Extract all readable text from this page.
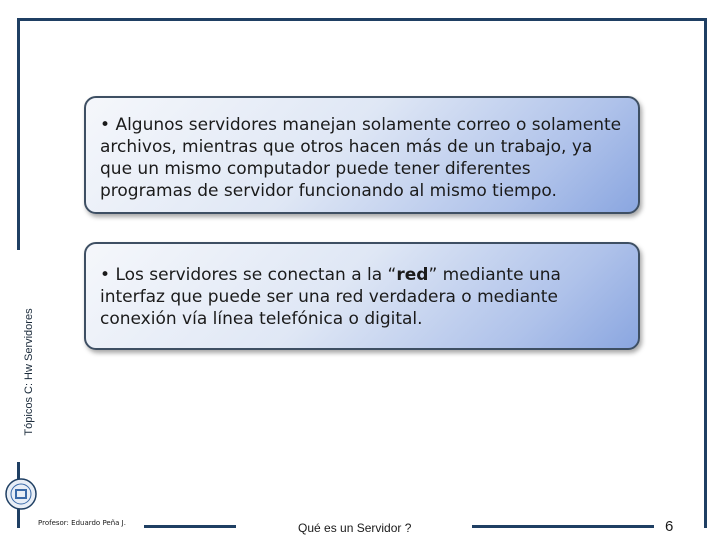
Tópicos C: Hw Servidores

• Algunos servidores manejan solamente correo o solamente archivos, mientras que otros hacen más de un trabajo, ya que un mismo computador puede tener diferentes programas de servidor funcionando al mismo tiempo.

• Los servidores se conectan a la “red” mediante una interfaz que puede ser una red verdadera o mediante conexión vía línea telefónica o digital.

Profesor: Eduardo Peña J.	Qué es un Servidor ?	6
